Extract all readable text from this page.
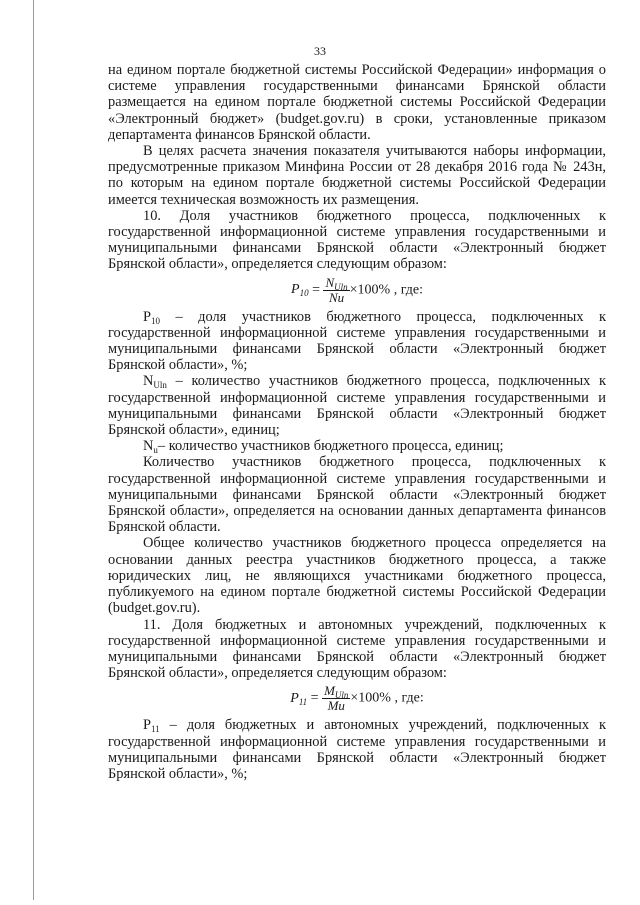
33

на едином портале бюджетной системы Российской Федерации» информация о системе управления государственными финансами Брянской области размещается на едином портале бюджетной системы Российской Федерации «Электронный бюджет» (budget.gov.ru) в сроки, установленные приказом департамента финансов Брянской области.

В целях расчета значения показателя учитываются наборы информации, предусмотренные приказом Минфина России от 28 декабря 2016 года № 243н, по которым на едином портале бюджетной системы Российской Федерации имеется техническая возможность их размещения.

10. Доля участников бюджетного процесса, подключенных к государственной информационной системе управления государственными и муниципальными финансами Брянской области «Электронный бюджет Брянской области», определяется следующим образом:

$P_{10} = \frac{N_{Uln}}{Nu} \times 100\%$ , где:

$Р_{10}$ – доля участников бюджетного процесса, подключенных к государственной информационной системе управления государственными и муниципальными финансами Брянской области «Электронный бюджет Брянской области», %;

$N_{Uln}$ – количество участников бюджетного процесса, подключенных к государственной информационной системе управления государственными и муниципальными финансами Брянской области «Электронный бюджет Брянской области», единиц;

$N_u-$ количество участников бюджетного процесса, единиц;

Количество участников бюджетного процесса, подключенных к государственной информационной системе управления государственными и муниципальными финансами Брянской области «Электронный бюджет Брянской области», определяется на основании данных департамента финансов Брянской области.

Общее количество участников бюджетного процесса определяется на основании данных реестра участников бюджетного процесса, а также юридических лиц, не являющихся участниками бюджетного процесса, публикуемого на едином портале бюджетной системы Российской Федерации (budget.gov.ru).

11. Доля бюджетных и автономных учреждений, подключенных к государственной информационной системе управления государственными и муниципальными финансами Брянской области «Электронный бюджет Брянской области», определяется следующим образом:

$P_{11} = \frac{M_{Uln}}{Mu} \times 100\%$ , где:

$Р_{11}$ – доля бюджетных и автономных учреждений, подключенных к государственной информационной системе управления государственными и муниципальными финансами Брянской области «Электронный бюджет Брянской области», %;
